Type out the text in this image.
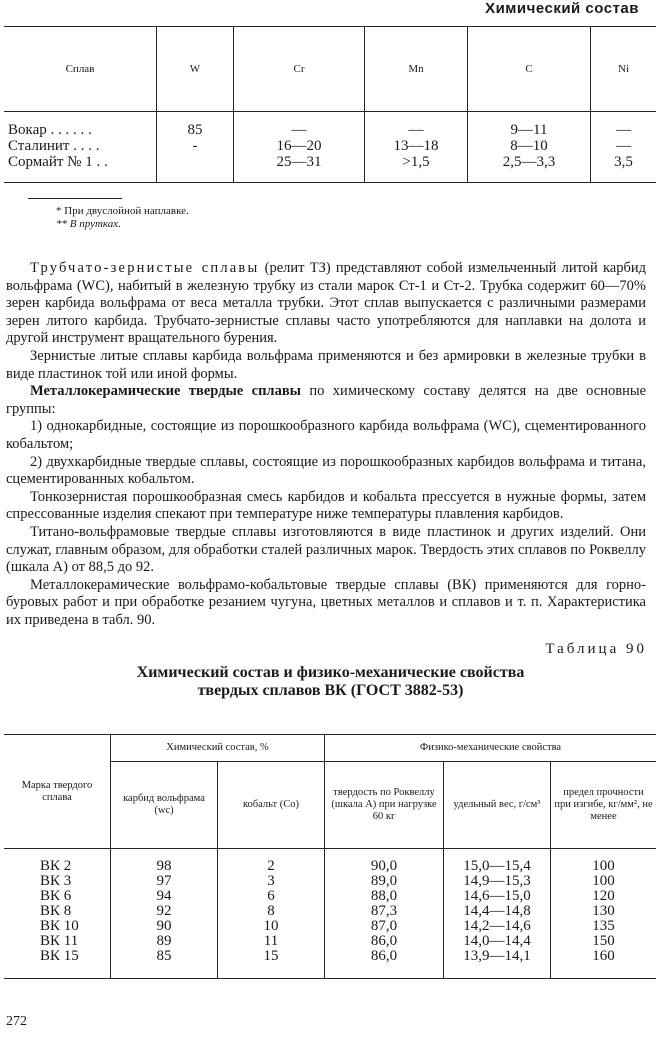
Химический состав
Сплав	W	Cr	Mn	C	Ni
Вокар . . . . . .	85	—	—	9—11	—
Сталинит . . . .	-	16—20	13—18	8—10	—
Сормайт № 1 . .		25—31	>1,5	2,5—3,3	3,5
* При двуслойной наплавке.
** В прутках.

Трубчато-зернистые сплавы (релит ТЗ) представляют собой измельченный литой карбид вольфрама (WC), набитый в железную трубку из стали марок Ст-1 и Ст-2. Трубка содержит 60—70% зерен карбида вольфрама от веса металла трубки. Этот сплав выпускается с различными размерами зерен литого карбида. Трубчато-зернистые сплавы часто употребляются для наплавки на долота и другой инструмент вращательного бурения.

Зернистые литые сплавы карбида вольфрама применяются и без армировки в железные трубки в виде пластинок той или иной формы.

Металлокерамические твердые сплавы по химическому составу делятся на две основные группы:

1) однокарбидные, состоящие из порошкообразного карбида вольфрама (WC), сцементированного кобальтом;

2) двухкарбидные твердые сплавы, состоящие из порошкообразных карбидов вольфрама и титана, сцементированных кобальтом.

Тонкозернистая порошкообразная смесь карбидов и кобальта прессуется в нужные формы, затем спрессованные изделия спекают при температуре ниже температуры плавления карбидов.

Титано-вольфрамовые твердые сплавы изготовляются в виде пластинок и других изделий. Они служат, главным образом, для обработки сталей различных марок. Твердость этих сплавов по Роквеллу (шкала А) от 88,5 до 92.

Металлокерамические вольфрамо-кобальтовые твердые сплавы (ВК) применяются для горно-буровых работ и при обработке резанием чугуна, цветных металлов и сплавов и т. п. Характеристика их приведена в табл. 90.

Таблица 90
Химический состав и физико-механические свойства
твердых сплавов ВК (ГОСТ 3882-53)
Марка твердого сплава	Химический состав, %		Физико-механические свойства		
	карбид вольфрама (wc)	кобальт (Co)	твердость по Роквеллу (шкала А) при нагрузке 60 кг	удельный вес, г/см³	предел прочности при изгибе, кг/мм², не менее
ВК 2	98	2	90,0	15,0—15,4	100
ВК 3	97	3	89,0	14,9—15,3	100
ВК 6	94	6	88,0	14,6—15,0	120
ВК 8	92	8	87,3	14,4—14,8	130
ВК 10	90	10	87,0	14,2—14,6	135
ВК 11	89	11	86,0	14,0—14,4	150
ВК 15	85	15	86,0	13,9—14,1	160
272
